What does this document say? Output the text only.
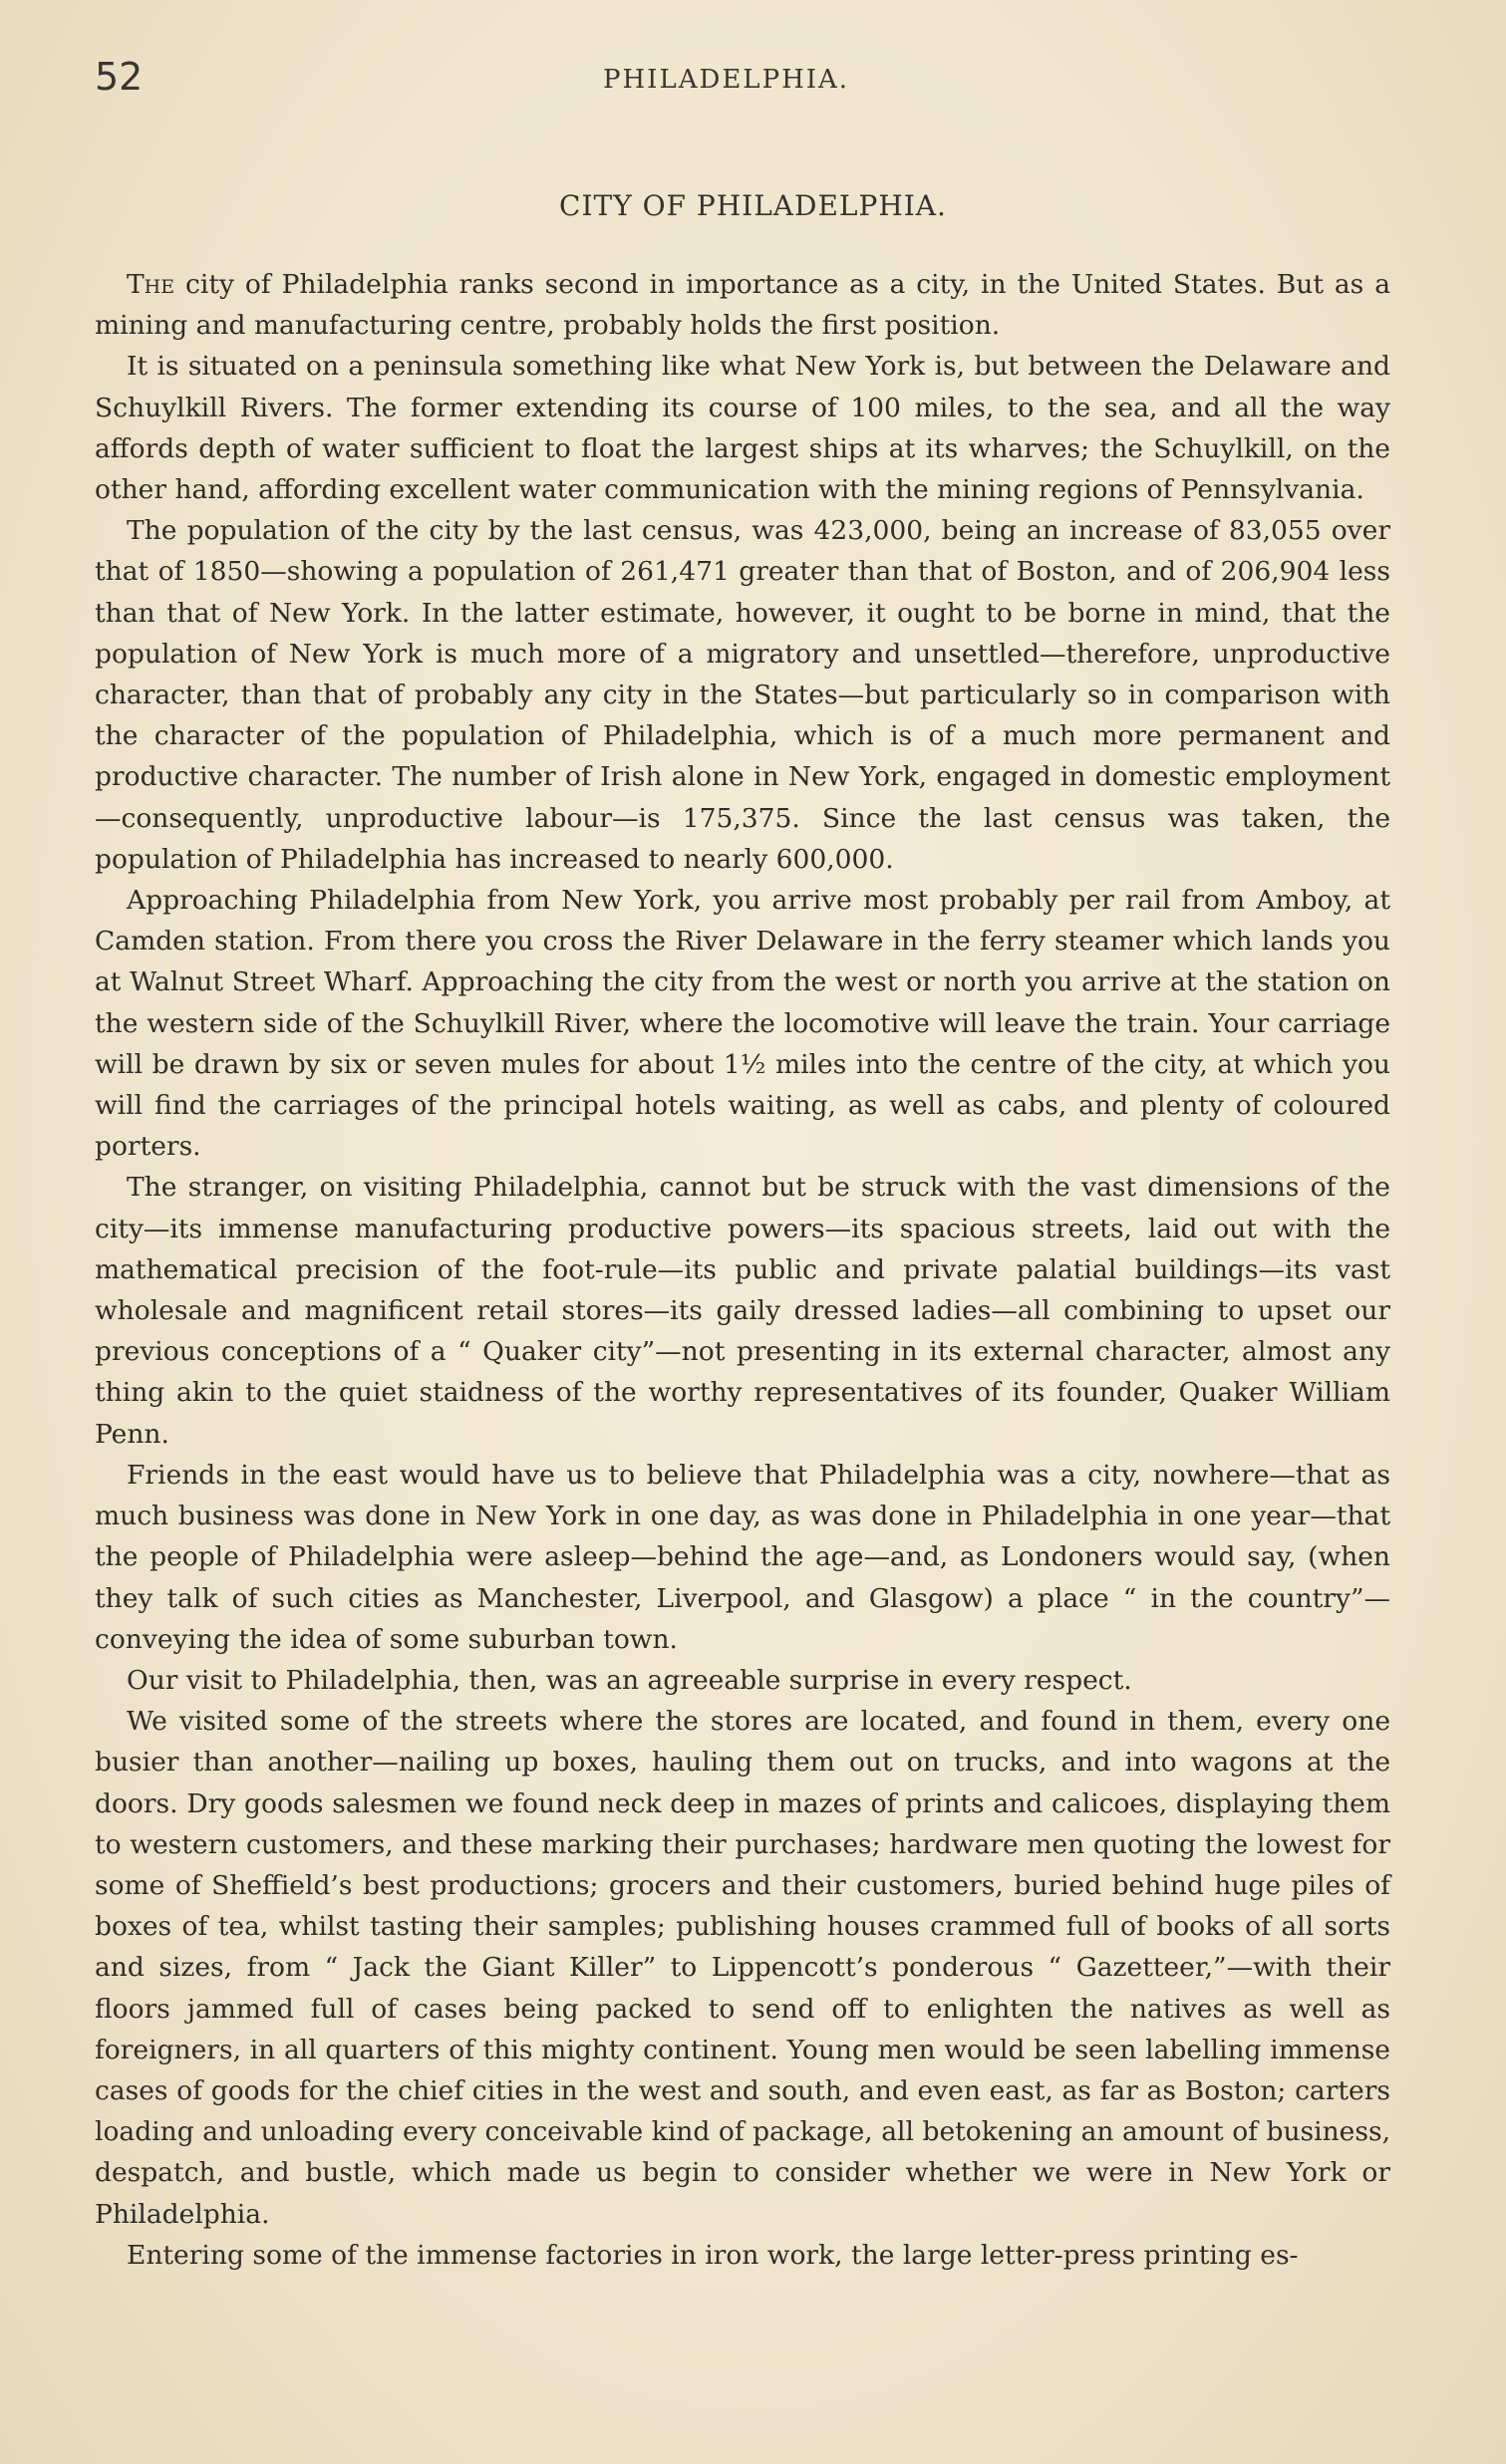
52	PHILADELPHIA.
CITY OF PHILADELPHIA.

The city of Philadelphia ranks second in importance as a city, in the United States. But as a mining and manufacturing centre, probably holds the first position.

It is situated on a peninsula something like what New York is, but between the Delaware and Schuylkill Rivers. The former extending its course of 100 miles, to the sea, and all the way affords depth of water sufficient to float the largest ships at its wharves; the Schuylkill, on the other hand, affording excellent water communication with the mining regions of Pennsylvania.

The population of the city by the last census, was 423,000, being an increase of 83,055 over that of 1850—showing a population of 261,471 greater than that of Boston, and of 206,904 less than that of New York. In the latter estimate, however, it ought to be borne in mind, that the population of New York is much more of a migratory and unsettled—therefore, unproductive character, than that of probably any city in the States—but particularly so in comparison with the character of the population of Philadelphia, which is of a much more permanent and productive character. The number of Irish alone in New York, engaged in domestic employment—consequently, unproductive labour—is 175,375. Since the last census was taken, the population of Philadelphia has increased to nearly 600,000.

Approaching Philadelphia from New York, you arrive most probably per rail from Amboy, at Camden station. From there you cross the River Delaware in the ferry steamer which lands you at Walnut Street Wharf. Approaching the city from the west or north you arrive at the station on the western side of the Schuylkill River, where the locomotive will leave the train. Your carriage will be drawn by six or seven mules for about 1½ miles into the centre of the city, at which you will find the carriages of the principal hotels waiting, as well as cabs, and plenty of coloured porters.

The stranger, on visiting Philadelphia, cannot but be struck with the vast dimensions of the city—its immense manufacturing productive powers—its spacious streets, laid out with the mathematical precision of the foot-rule—its public and private palatial buildings—its vast wholesale and magnificent retail stores—its gaily dressed ladies—all combining to upset our previous conceptions of a “ Quaker city”—not presenting in its external character, almost any thing akin to the quiet staidness of the worthy representatives of its founder, Quaker William Penn.

Friends in the east would have us to believe that Philadelphia was a city, nowhere—that as much business was done in New York in one day, as was done in Philadelphia in one year—that the people of Philadelphia were asleep—behind the age—and, as Londoners would say, (when they talk of such cities as Manchester, Liverpool, and Glasgow) a place “ in the country”—conveying the idea of some suburban town.

Our visit to Philadelphia, then, was an agreeable surprise in every respect.

We visited some of the streets where the stores are located, and found in them, every one busier than another—nailing up boxes, hauling them out on trucks, and into wagons at the doors. Dry goods salesmen we found neck deep in mazes of prints and calicoes, displaying them to western customers, and these marking their purchases; hardware men quoting the lowest for some of Sheffield’s best productions; grocers and their customers, buried behind huge piles of boxes of tea, whilst tasting their samples; publishing houses crammed full of books of all sorts and sizes, from “ Jack the Giant Killer” to Lippencott’s ponderous “ Gazetteer,”—with their floors jammed full of cases being packed to send off to enlighten the natives as well as foreigners, in all quarters of this mighty continent. Young men would be seen labelling immense cases of goods for the chief cities in the west and south, and even east, as far as Boston; carters loading and unloading every conceivable kind of package, all betokening an amount of business, despatch, and bustle, which made us begin to consider whether we were in New York or Philadelphia.

Entering some of the immense factories in iron work, the large letter-press printing es-
